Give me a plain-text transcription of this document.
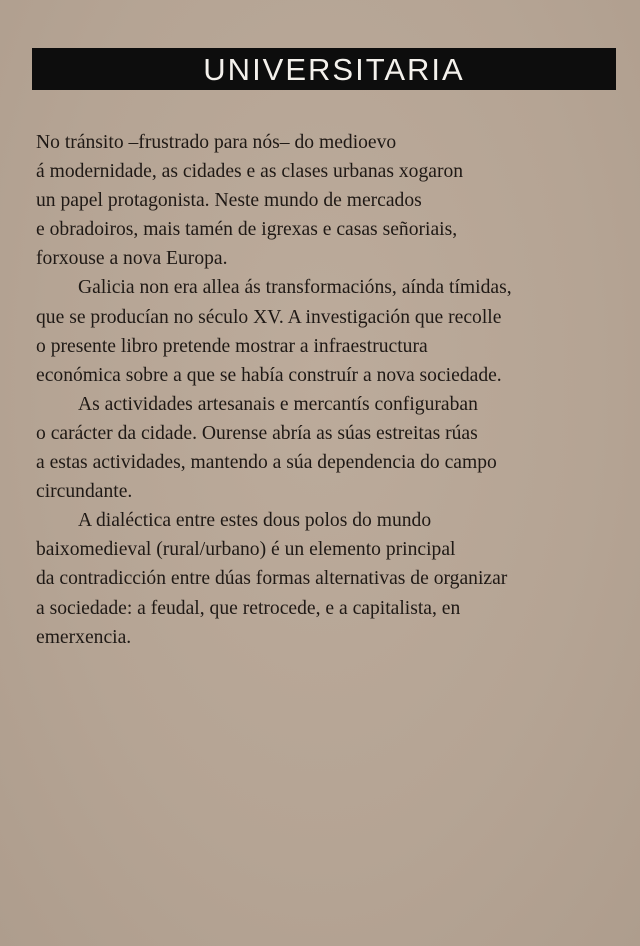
UNIVERSITARIA

No tránsito –frustrado para nós– do medioevo
á modernidade, as cidades e as clases urbanas xogaron
un papel protagonista. Neste mundo de mercados
e obradoiros, mais tamén de igrexas e casas señoriais,
forxouse a nova Europa.

Galicia non era allea ás transformacións, aínda tímidas,
que se producían no século XV. A investigación que recolle
o presente libro pretende mostrar a infraestructura
económica sobre a que se había construír a nova sociedade.

As actividades artesanais e mercantís configuraban
o carácter da cidade. Ourense abría as súas estreitas rúas
a estas actividades, mantendo a súa dependencia do campo
circundante.

A dialéctica entre estes dous polos do mundo
baixomedieval (rural/urbano) é un elemento principal
da contradicción entre dúas formas alternativas de organizar
a sociedade: a feudal, que retrocede, e a capitalista, en
emerxencia.
